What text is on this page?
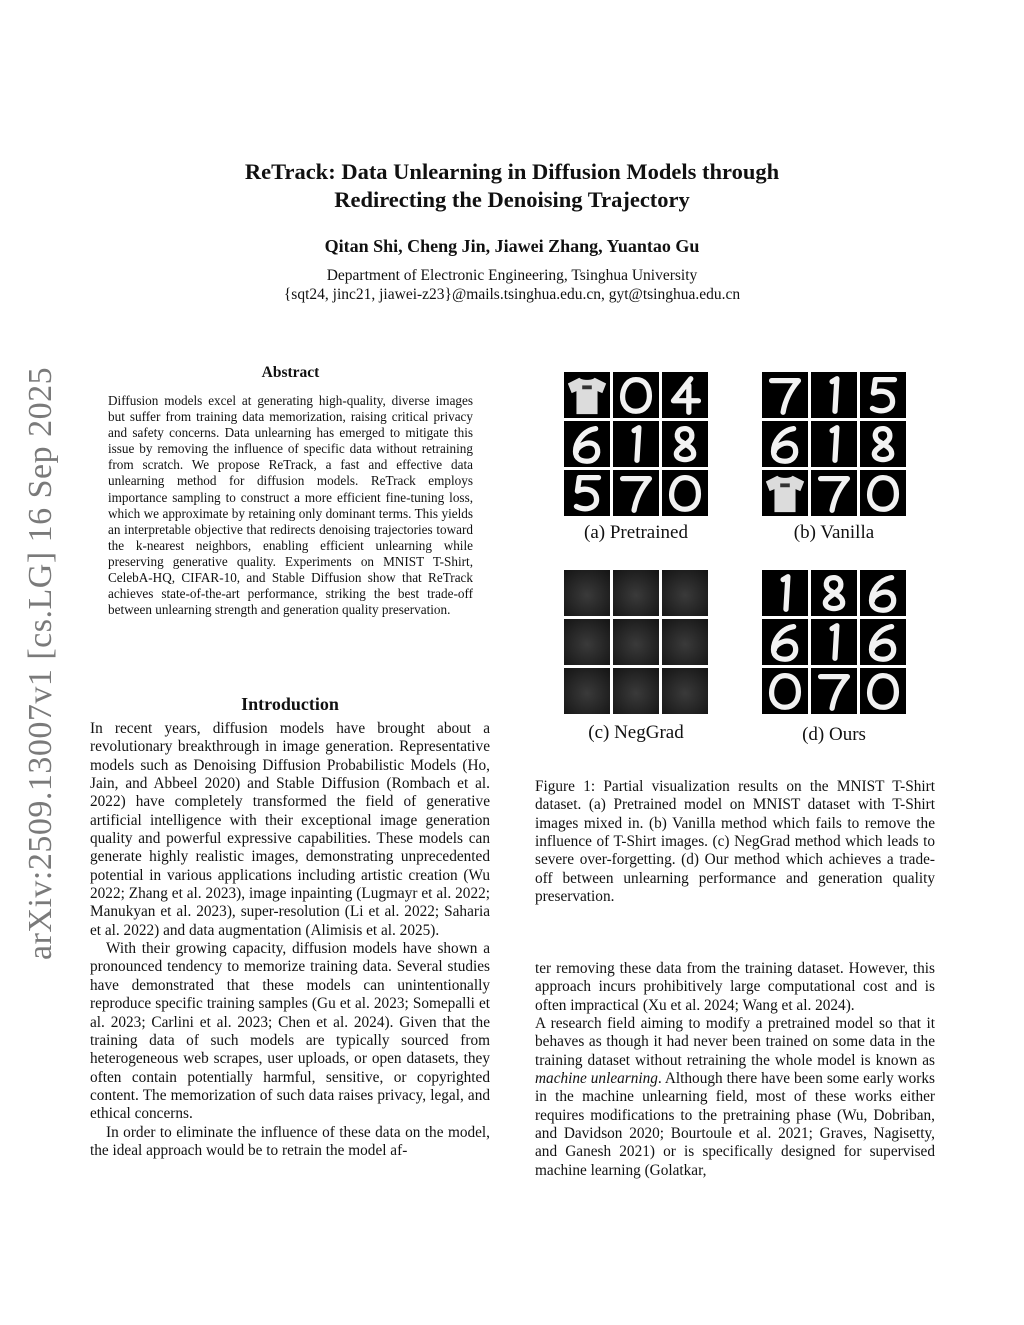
arXiv:2509.13007v1 [cs.LG] 16 Sep 2025
ReTrack: Data Unlearning in Diffusion Models through
Redirecting the Denoising Trajectory
Qitan Shi, Cheng Jin, Jiawei Zhang, Yuantao Gu
Department of Electronic Engineering, Tsinghua University
{sqt24, jinc21, jiawei-z23}@mails.tsinghua.edu.cn, gyt@tsinghua.edu.cn
Abstract
Diffusion models excel at generating high-quality, diverse images but suffer from training data memorization, raising critical privacy and safety concerns. Data unlearning has emerged to mitigate this issue by removing the influence of specific data without retraining from scratch. We propose ReTrack, a fast and effective data unlearning method for diffusion models. ReTrack employs importance sampling to construct a more efficient fine-tuning loss, which we approximate by retaining only dominant terms. This yields an interpretable objective that redirects denoising trajectories toward the k-nearest neighbors, enabling efficient unlearning while preserving generative quality. Experiments on MNIST T-Shirt, CelebA-HQ, CIFAR-10, and Stable Diffusion show that ReTrack achieves state-of-the-art performance, striking the best trade-off between unlearning strength and generation quality preservation.
Introduction

In recent years, diffusion models have brought about a revolutionary breakthrough in image generation. Representative models such as Denoising Diffusion Probabilistic Models (Ho, Jain, and Abbeel 2020) and Stable Diffusion (Rombach et al. 2022) have completely transformed the field of generative artificial intelligence with their exceptional image generation quality and powerful expressive capabilities. These models can generate highly realistic images, demonstrating unprecedented potential in various applications including artistic creation (Wu 2022; Zhang et al. 2023), image inpainting (Lugmayr et al. 2022; Manukyan et al. 2023), super-resolution (Li et al. 2022; Saharia et al. 2022) and data augmentation (Alimisis et al. 2025).

With their growing capacity, diffusion models have shown a pronounced tendency to memorize training data. Several studies have demonstrated that these models can unintentionally reproduce specific training samples (Gu et al. 2023; Somepalli et al. 2023; Carlini et al. 2023; Chen et al. 2024). Given that the training data of such models are typically sourced from heterogeneous web scrapes, user uploads, or open datasets, they often contain potentially harmful, sensitive, or copyrighted content. The memorization of such data raises privacy, legal, and ethical concerns.

In order to eliminate the influence of these data on the model, the ideal approach would be to retrain the model af-

(a) Pretrained	(b) Vanilla
(c) NegGrad	(d) Ours
Figure 1: Partial visualization results on the MNIST T-Shirt dataset. (a) Pretrained model on MNIST dataset with T-Shirt images mixed in. (b) Vanilla method which fails to remove the influence of T-Shirt images. (c) NegGrad method which leads to severe over-forgetting. (d) Our method which achieves a trade-off between unlearning performance and generation quality preservation.

ter removing these data from the training dataset. However, this approach incurs prohibitively large computational cost and is often impractical (Xu et al. 2024; Wang et al. 2024).

A research field aiming to modify a pretrained model so that it behaves as though it had never been trained on some data in the training dataset without retraining the whole model is known as machine unlearning. Although there have been some early works in the machine unlearning field, most of these works either requires modifications to the pretraining phase (Wu, Dobriban, and Davidson 2020; Bourtoule et al. 2021; Graves, Nagisetty, and Ganesh 2021) or is specifically designed for supervised machine learning (Golatkar,
